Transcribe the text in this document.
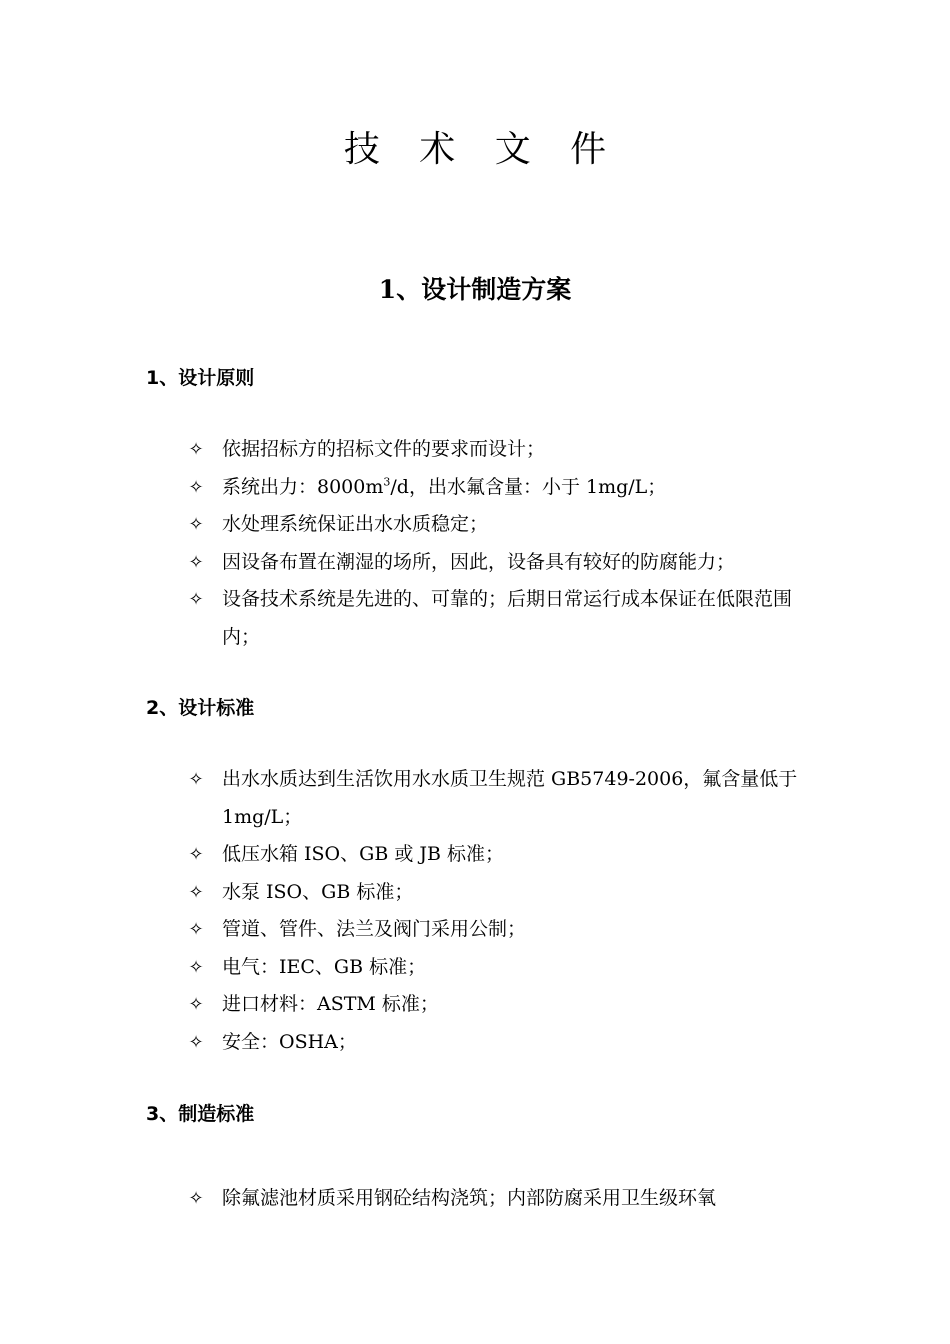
技 术 文 件
1、设计制造方案
1、设计原则
✧ 依据招标方的招标文件的要求而设计；
✧ 系统出力：$8000m^3/d$，出水氟含量：小于 1mg/L；
✧ 水处理系统保证出水水质稳定；
✧ 因设备布置在潮湿的场所，因此，设备具有较好的防腐能力；
✧ 设备技术系统是先进的、可靠的；后期日常运行成本保证在低限范围内；
2、设计标准
✧ 出水水质达到生活饮用水水质卫生规范 GB5749-2006，氟含量低于 1mg/L；
✧ 低压水箱 ISO、GB 或 JB 标准；
✧ 水泵 ISO、GB 标准；
✧ 管道、管件、法兰及阀门采用公制；
✧ 电气：IEC、GB 标准；
✧ 进口材料：ASTM 标准；
✧ 安全：OSHA；
3、制造标准
✧ 除氟滤池材质采用钢砼结构浇筑；内部防腐采用卫生级环氧
